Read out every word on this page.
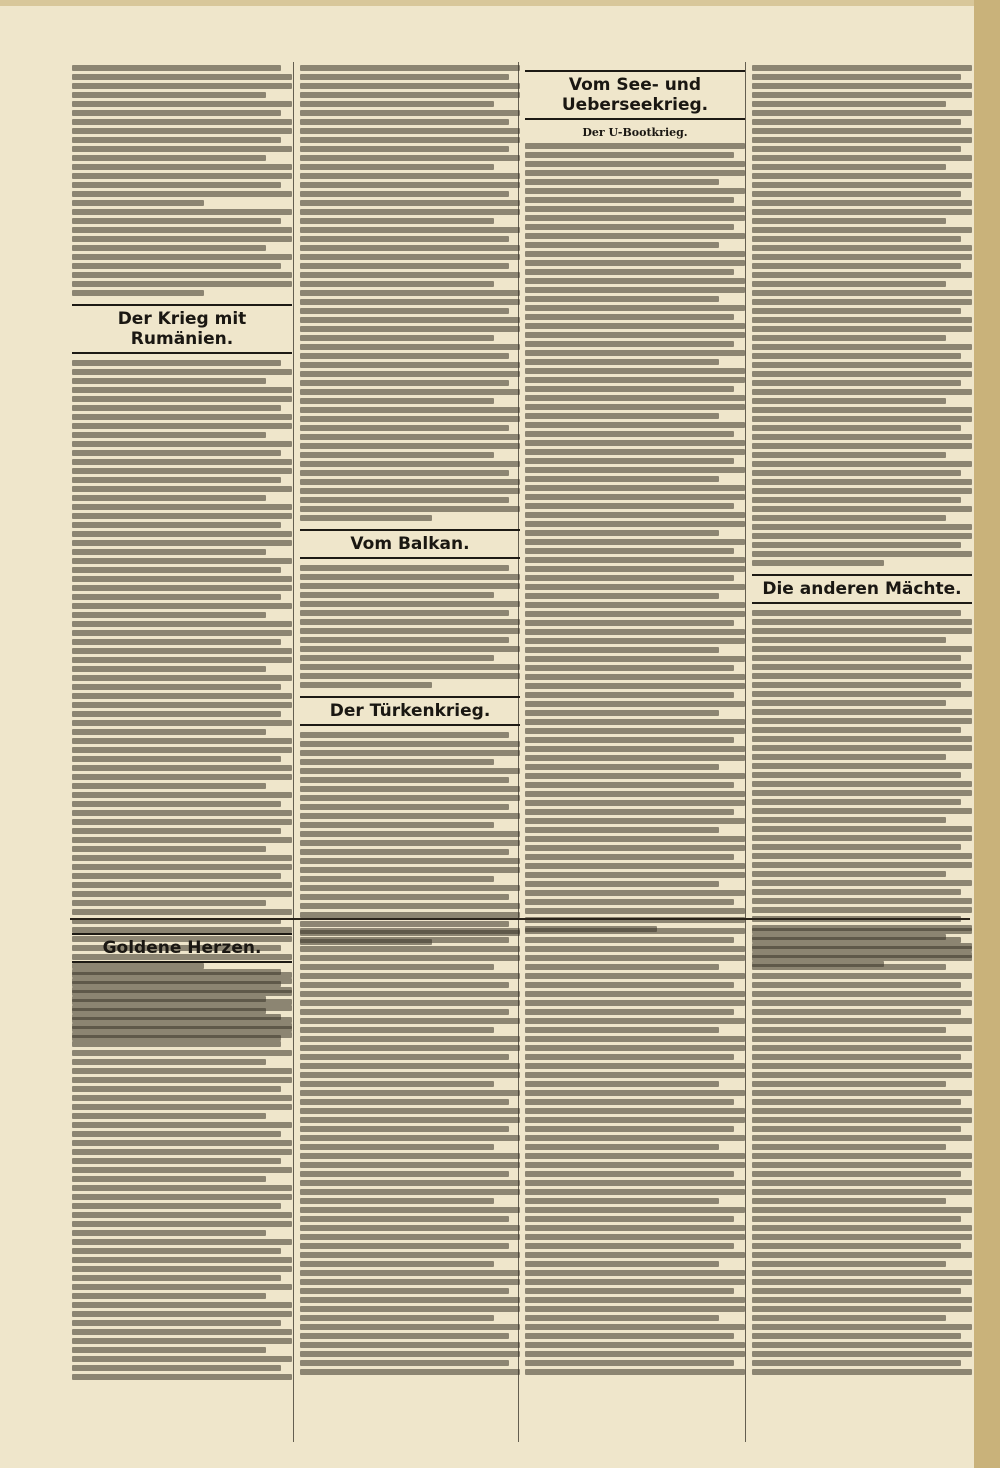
Der Krieg mit Rumänien.
Vom Balkan.
Der Türkenkrieg.
Vom See- und Ueberseekrieg.
Der U-Bootkrieg.
Die anderen Mächte.
Goldene Herzen.
